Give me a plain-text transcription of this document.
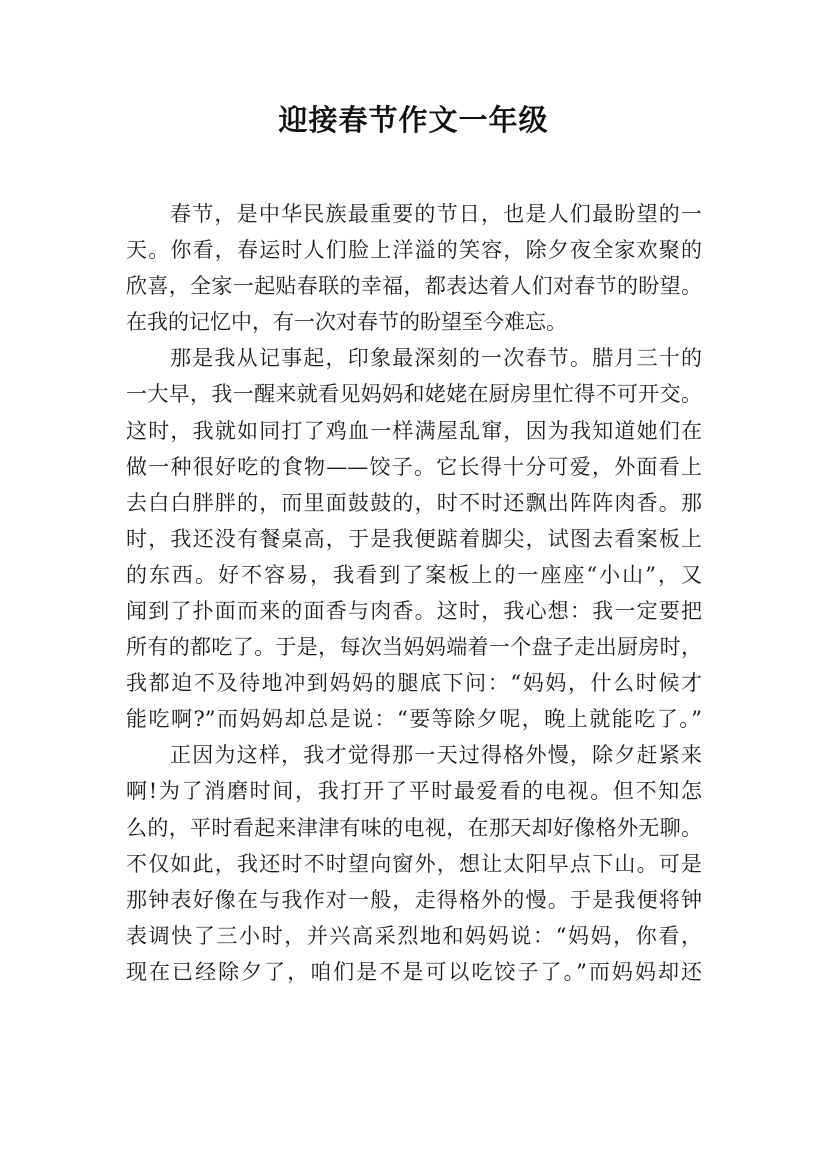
迎接春节作文一年级

春节，是中华民族最重要的节日，也是人们最盼望的一

天。你看，春运时人们脸上洋溢的笑容，除夕夜全家欢聚的

欣喜，全家一起贴春联的幸福，都表达着人们对春节的盼望。

在我的记忆中，有一次对春节的盼望至今难忘。

那是我从记事起，印象最深刻的一次春节。腊月三十的

一大早，我一醒来就看见妈妈和姥姥在厨房里忙得不可开交。

这时，我就如同打了鸡血一样满屋乱窜，因为我知道她们在

做一种很好吃的食物——饺子。它长得十分可爱，外面看上

去白白胖胖的，而里面鼓鼓的，时不时还飘出阵阵肉香。那

时，我还没有餐桌高，于是我便踮着脚尖，试图去看案板上

的东西。好不容易，我看到了案板上的一座座“小山”，又

闻到了扑面而来的面香与肉香。这时，我心想：我一定要把

所有的都吃了。于是，每次当妈妈端着一个盘子走出厨房时，

我都迫不及待地冲到妈妈的腿底下问：“妈妈，什么时候才

能吃啊?”而妈妈却总是说：“要等除夕呢，晚上就能吃了。”

正因为这样，我才觉得那一天过得格外慢，除夕赶紧来

啊!为了消磨时间，我打开了平时最爱看的电视。但不知怎

么的，平时看起来津津有味的电视，在那天却好像格外无聊。

不仅如此，我还时不时望向窗外，想让太阳早点下山。可是

那钟表好像在与我作对一般，走得格外的慢。于是我便将钟

表调快了三小时，并兴高采烈地和妈妈说：“妈妈，你看，

现在已经除夕了，咱们是不是可以吃饺子了。”而妈妈却还
